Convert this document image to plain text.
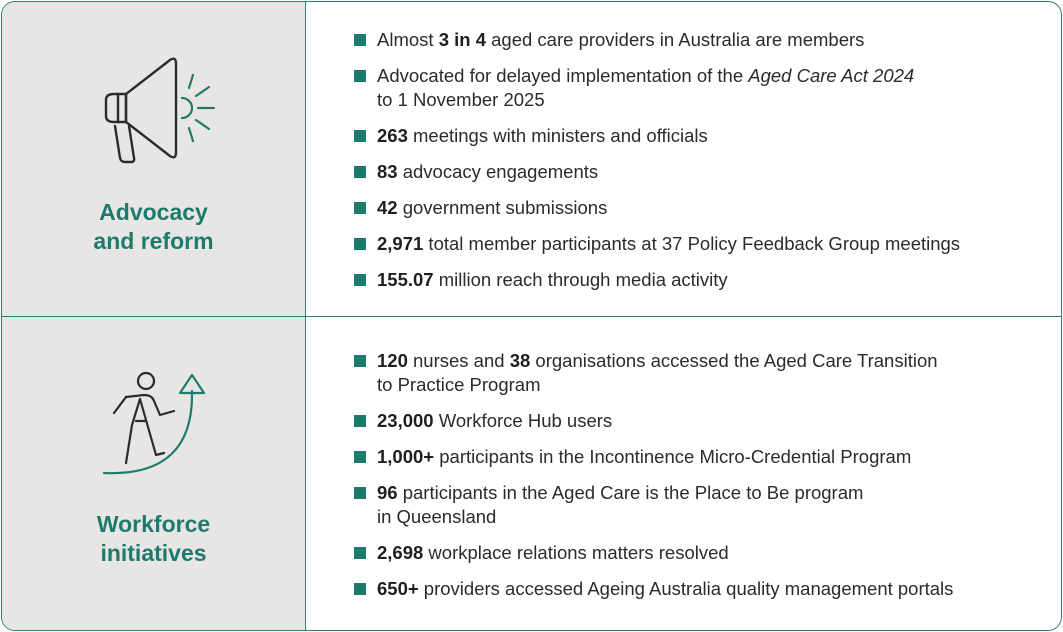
Advocacy
and reform
Almost 3 in 4 aged care providers in Australia are members
Advocated for delayed implementation of the Aged Care Act 2024
to 1 November 2025
263 meetings with ministers and officials
83 advocacy engagements
42 government submissions
2,971 total member participants at 37 Policy Feedback Group meetings
155.07 million reach through media activity
Workforce
initiatives
120 nurses and 38 organisations accessed the Aged Care Transition
to Practice Program
23,000 Workforce Hub users
1,000+ participants in the Incontinence Micro-Credential Program
96 participants in the Aged Care is the Place to Be program
in Queensland
2,698 workplace relations matters resolved
650+ providers accessed Ageing Australia quality management portals
